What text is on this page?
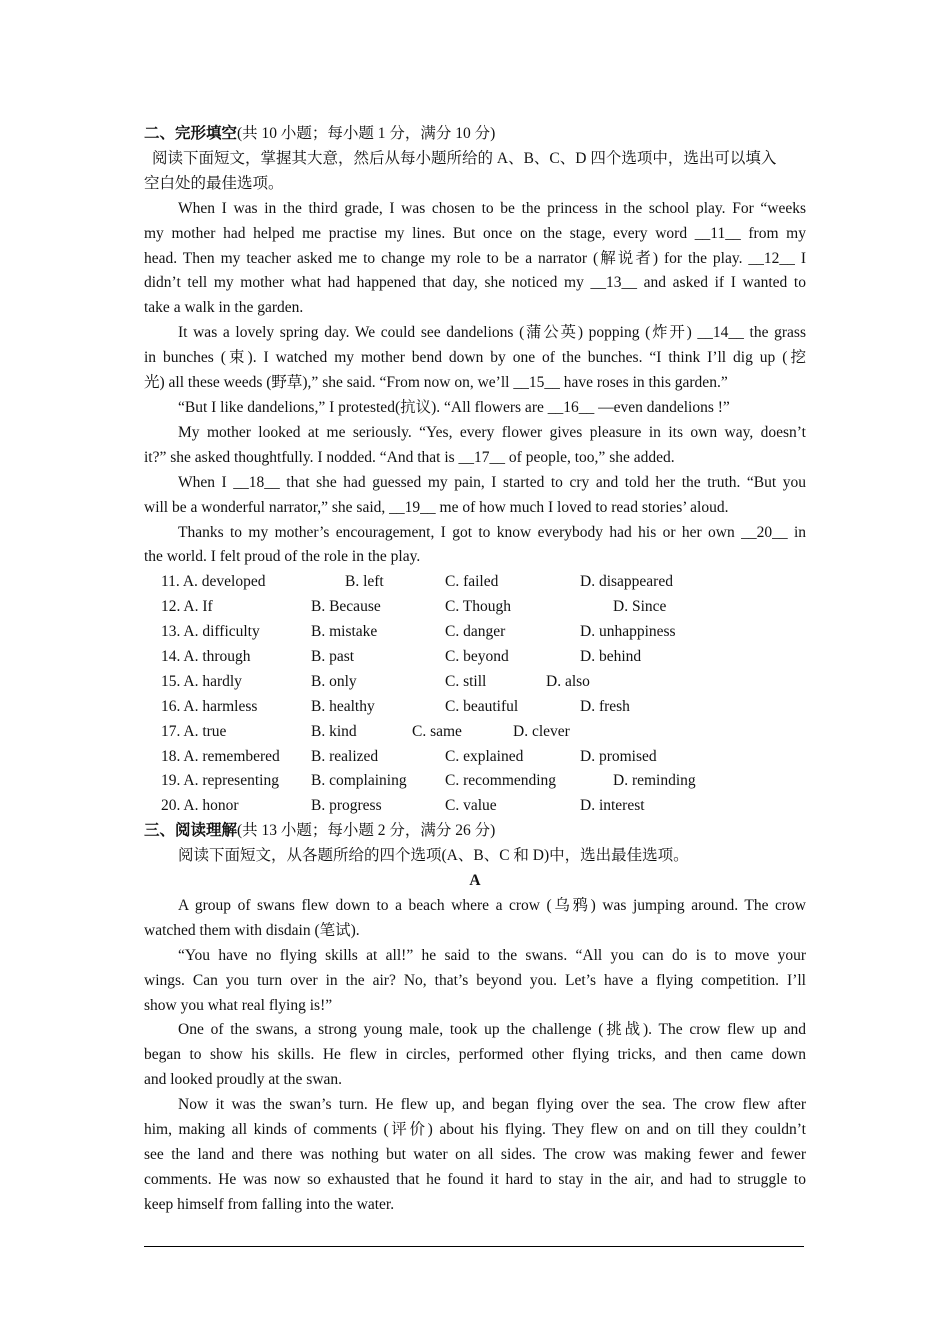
二、完形填空(共 10 小题；每小题 1 分，满分 10 分)
阅读下面短文，掌握其大意，然后从每小题所给的 A、B、C、D 四个选项中，选出可以填入
空白处的最佳选项。
When I was in the third grade, I was chosen to be the princess in the school play. For “weeks
my mother had helped me practise my lines. But once on the stage, every word __11__ from my
head. Then my teacher asked me to change my role to be a narrator (解说者) for the play. __12__ I
didn’t tell my mother what had happened that day, she noticed my __13__ and asked if I wanted to
take a walk in the garden.
It was a lovely spring day. We could see dandelions (蒲公英) popping (炸开) __14__ the grass
in bunches (束). I watched my mother bend down by one of the bunches. “I think I’ll dig up (挖
光) all these weeds (野草),” she said. “From now on, we’ll __15__ have roses in this garden.”
“But I like dandelions,” I protested(抗议). “All flowers are __16__ —even dandelions !”
My mother looked at me seriously. “Yes, every flower gives pleasure in its own way, doesn’t
it?” she asked thoughtfully. I nodded. “And that is __17__ of people, too,” she added.
When I __18__ that she had guessed my pain, I started to cry and told her the truth. “But you
will be a wonderful narrator,” she said, __19__ me of how much I loved to read stories’ aloud.
Thanks to my mother’s encouragement, I got to know everybody had his or her own __20__ in
the world. I felt proud of the role in the play.
11. A. developed	B. left	C. failed	D. disappeared
12. A. If	B. Because	C. Though	D. Since
13. A. difficulty	B. mistake	C. danger	D. unhappiness
14. A. through	B. past	C. beyond	D. behind
15. A. hardly	B. only	C. still	D. also
16. A. harmless	B. healthy	C. beautiful	D. fresh
17. A. true	B. kind	C. same	D. clever
18. A. remembered B. realized	C. explained	D. promised
19. A. representing B. complaining C. recommending	D. reminding
20. A. honor	B. progress	C. value	D. interest
三、阅读理解(共 13 小题；每小题 2 分，满分 26 分)
阅读下面短文，从各题所给的四个选项(A、B、C 和 D)中，选出最佳选项。
A
A group of swans flew down to a beach where a crow (乌鸦) was jumping around. The crow
watched them with disdain (笔试).
“You have no flying skills at all!” he said to the swans. “All you can do is to move your
wings. Can you turn over in the air? No, that’s beyond you. Let’s have a flying competition. I’ll
show you what real flying is!”
One of the swans, a strong young male, took up the challenge (挑战). The crow flew up and
began to show his skills. He flew in circles, performed other flying tricks, and then came down
and looked proudly at the swan.
Now it was the swan’s turn. He flew up, and began flying over the sea. The crow flew after
him, making all kinds of comments (评价) about his flying. They flew on and on till they couldn’t
see the land and there was nothing but water on all sides. The crow was making fewer and fewer
comments. He was now so exhausted that he found it hard to stay in the air, and had to struggle to
keep himself from falling into the water.
